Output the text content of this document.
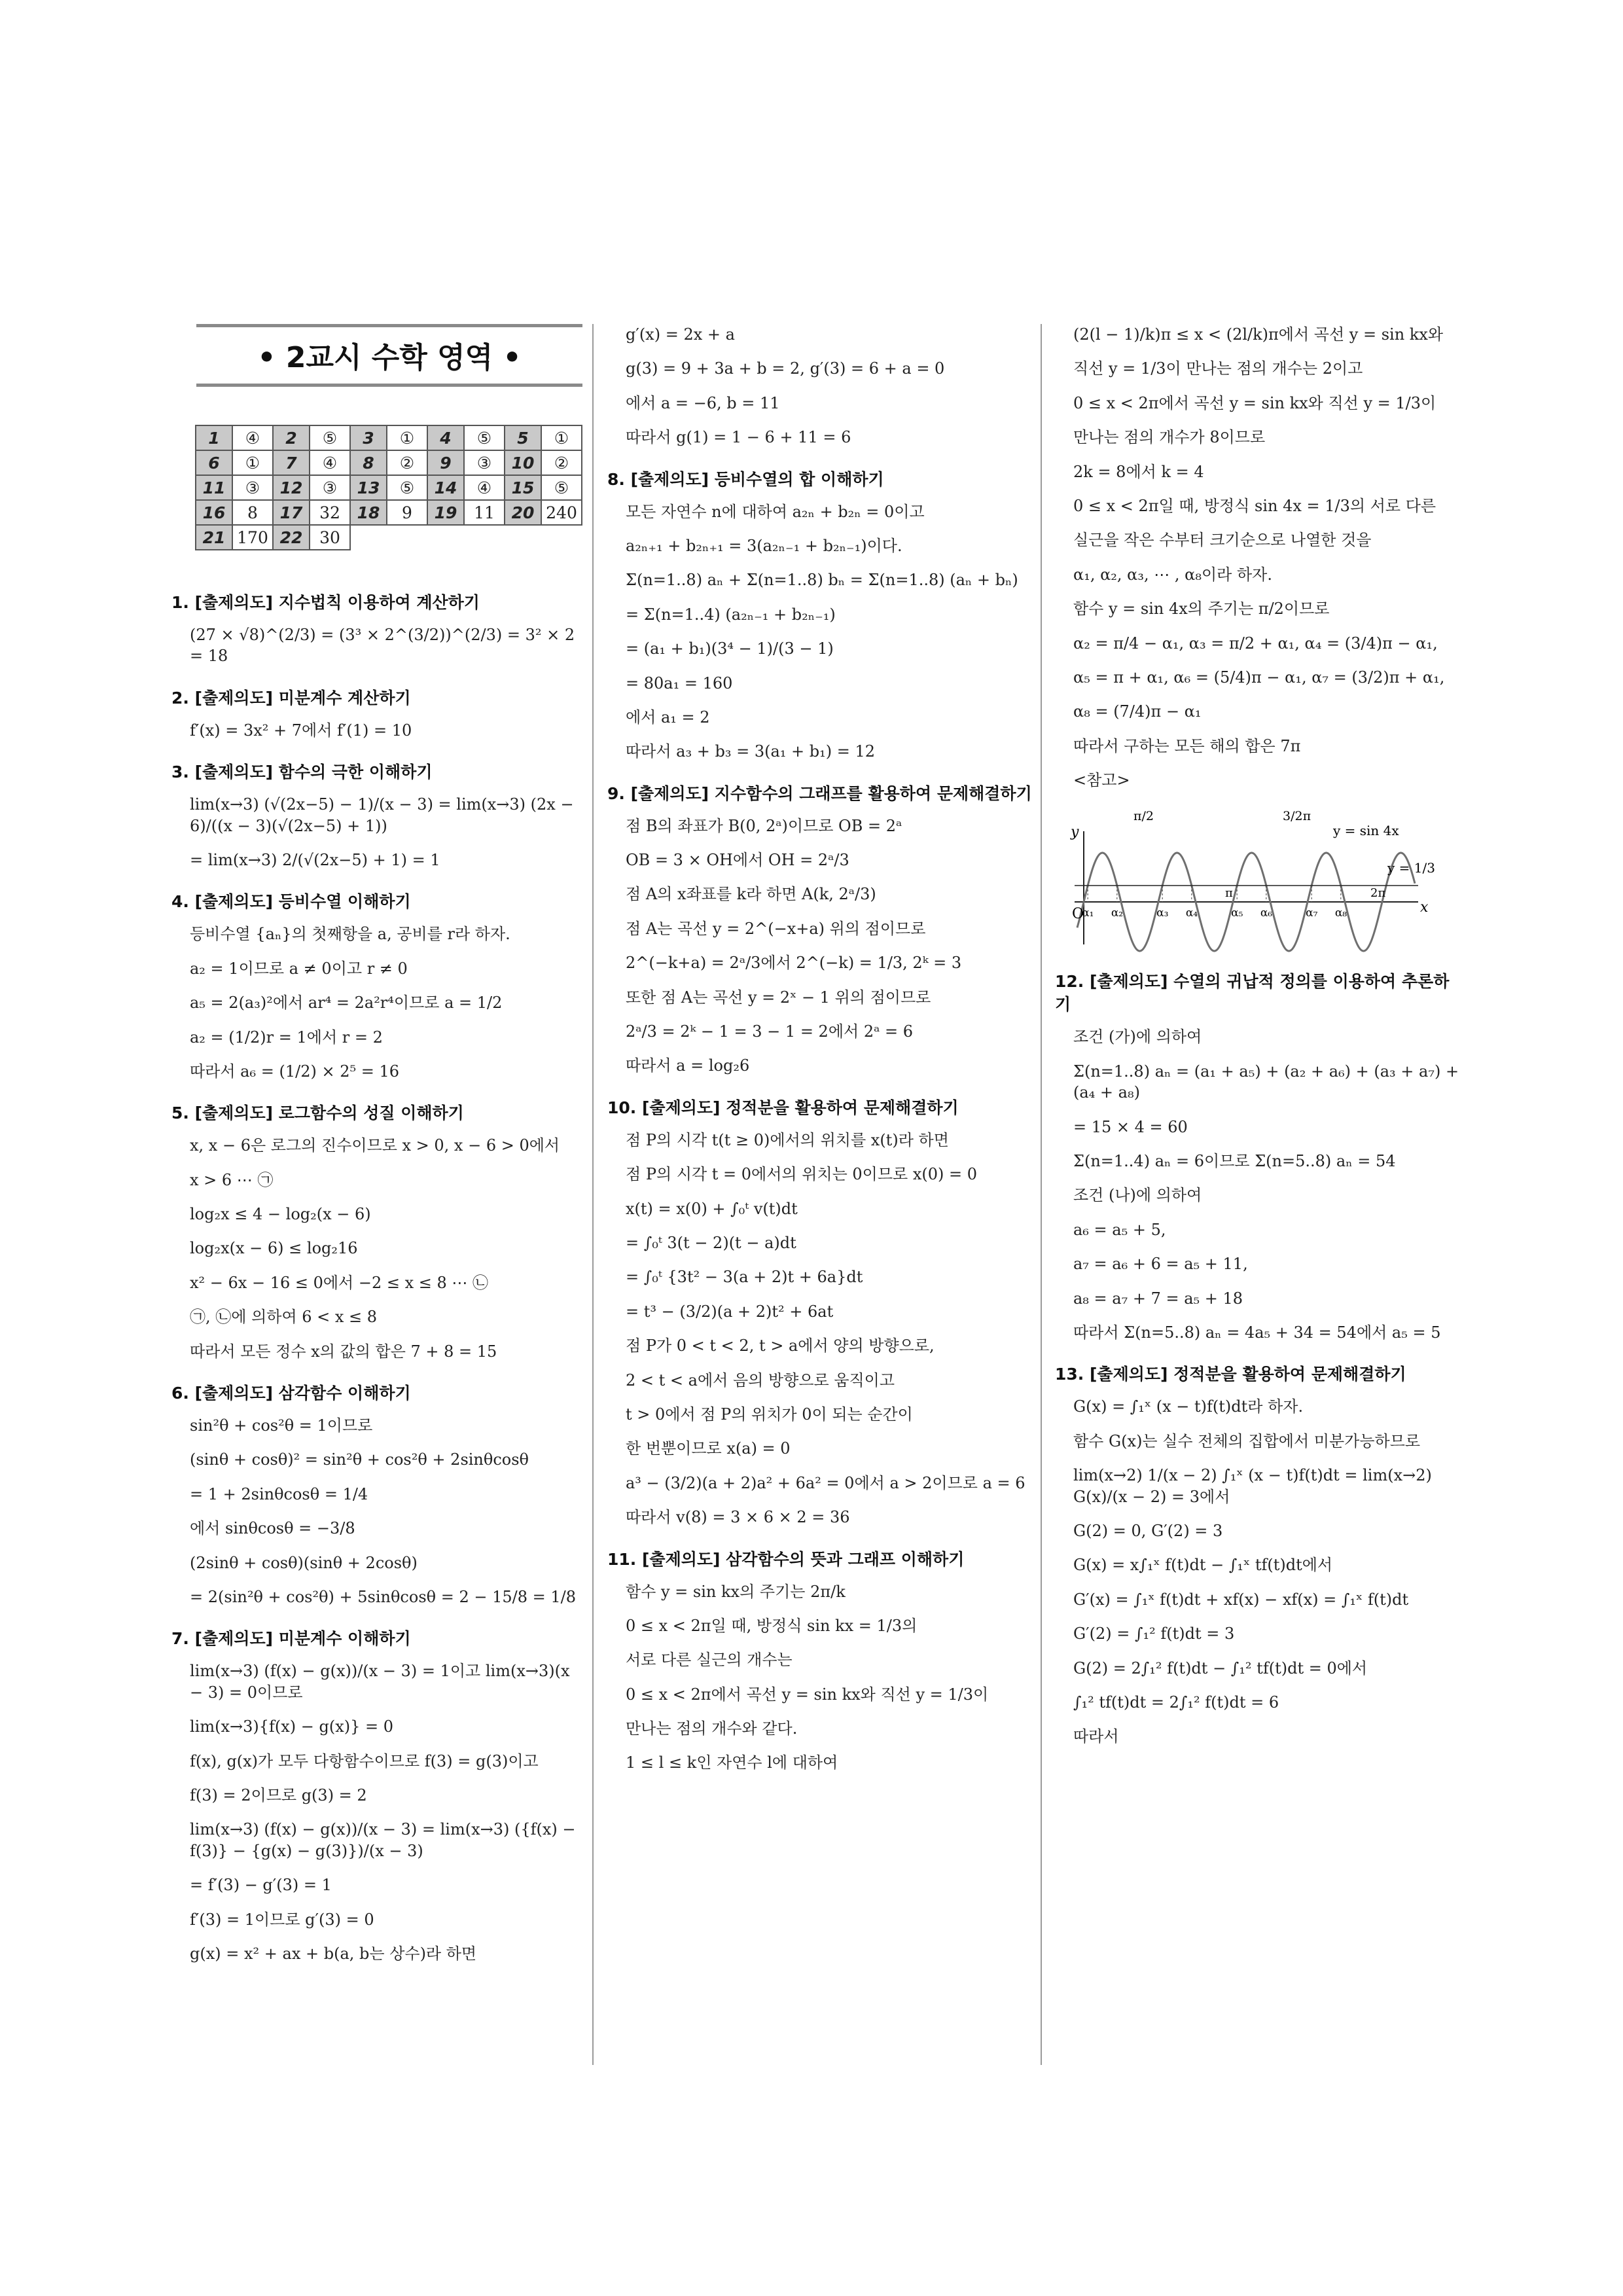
• 2교시 수학 영역 •
1	④	2	⑤	3	①	4	⑤	5	①
6	①	7	④	8	②	9	③	10	②
11	③	12	③	13	⑤	14	④	15	⑤
16	8	17	32	18	9	19	11	20	240
21	170	22	30						
1. [출제의도] 지수법칙 이용하여 계산하기
(27 × √8)^(2/3) = (3³ × 2^(3/2))^(2/3) = 3² × 2 = 18
2. [출제의도] 미분계수 계산하기
f′(x) = 3x² + 7에서 f′(1) = 10
3. [출제의도] 함수의 극한 이해하기
lim(x→3) (√(2x−5) − 1)/(x − 3) = lim(x→3) (2x − 6)/((x − 3)(√(2x−5) + 1))
= lim(x→3) 2/(√(2x−5) + 1) = 1
4. [출제의도] 등비수열 이해하기
등비수열 {aₙ}의 첫째항을 a, 공비를 r라 하자.
a₂ = 1이므로 a ≠ 0이고 r ≠ 0
a₅ = 2(a₃)²에서 ar⁴ = 2a²r⁴이므로 a = 1/2
a₂ = (1/2)r = 1에서 r = 2
따라서 a₆ = (1/2) × 2⁵ = 16
5. [출제의도] 로그함수의 성질 이해하기
x, x − 6은 로그의 진수이므로 x > 0, x − 6 > 0에서
x > 6 ⋯ ㉠
log₂x ≤ 4 − log₂(x − 6)
log₂x(x − 6) ≤ log₂16
x² − 6x − 16 ≤ 0에서 −2 ≤ x ≤ 8 ⋯ ㉡
㉠, ㉡에 의하여 6 < x ≤ 8
따라서 모든 정수 x의 값의 합은 7 + 8 = 15
6. [출제의도] 삼각함수 이해하기
sin²θ + cos²θ = 1이므로
(sinθ + cosθ)² = sin²θ + cos²θ + 2sinθcosθ
= 1 + 2sinθcosθ = 1/4
에서 sinθcosθ = −3/8
(2sinθ + cosθ)(sinθ + 2cosθ)
= 2(sin²θ + cos²θ) + 5sinθcosθ = 2 − 15/8 = 1/8
7. [출제의도] 미분계수 이해하기
lim(x→3) (f(x) − g(x))/(x − 3) = 1이고 lim(x→3)(x − 3) = 0이므로
lim(x→3){f(x) − g(x)} = 0
f(x), g(x)가 모두 다항함수이므로 f(3) = g(3)이고
f(3) = 2이므로 g(3) = 2
lim(x→3) (f(x) − g(x))/(x − 3) = lim(x→3) ({f(x) − f(3)} − {g(x) − g(3)})/(x − 3)
= f′(3) − g′(3) = 1
f′(3) = 1이므로 g′(3) = 0
g(x) = x² + ax + b(a, b는 상수)라 하면
g′(x) = 2x + a
g(3) = 9 + 3a + b = 2, g′(3) = 6 + a = 0
에서 a = −6, b = 11
따라서 g(1) = 1 − 6 + 11 = 6
8. [출제의도] 등비수열의 합 이해하기
모든 자연수 n에 대하여 a₂ₙ + b₂ₙ = 0이고
a₂ₙ₊₁ + b₂ₙ₊₁ = 3(a₂ₙ₋₁ + b₂ₙ₋₁)이다.
Σ(n=1..8) aₙ + Σ(n=1..8) bₙ = Σ(n=1..8) (aₙ + bₙ)
= Σ(n=1..4) (a₂ₙ₋₁ + b₂ₙ₋₁)
= (a₁ + b₁)(3⁴ − 1)/(3 − 1)
= 80a₁ = 160
에서 a₁ = 2
따라서 a₃ + b₃ = 3(a₁ + b₁) = 12
9. [출제의도] 지수함수의 그래프를 활용하여 문제해결하기
점 B의 좌표가 B(0, 2ᵃ)이므로 OB = 2ᵃ
OB = 3 × OH에서 OH = 2ᵃ/3
점 A의 x좌표를 k라 하면 A(k, 2ᵃ/3)
점 A는 곡선 y = 2^(−x+a) 위의 점이므로
2^(−k+a) = 2ᵃ/3에서 2^(−k) = 1/3, 2ᵏ = 3
또한 점 A는 곡선 y = 2ˣ − 1 위의 점이므로
2ᵃ/3 = 2ᵏ − 1 = 3 − 1 = 2에서 2ᵃ = 6
따라서 a = log₂6
10. [출제의도] 정적분을 활용하여 문제해결하기
점 P의 시각 t(t ≥ 0)에서의 위치를 x(t)라 하면
점 P의 시각 t = 0에서의 위치는 0이므로 x(0) = 0
x(t) = x(0) + ∫₀ᵗ v(t)dt
= ∫₀ᵗ 3(t − 2)(t − a)dt
= ∫₀ᵗ {3t² − 3(a + 2)t + 6a}dt
= t³ − (3/2)(a + 2)t² + 6at
점 P가 0 < t < 2, t > a에서 양의 방향으로,
2 < t < a에서 음의 방향으로 움직이고
t > 0에서 점 P의 위치가 0이 되는 순간이
한 번뿐이므로 x(a) = 0
a³ − (3/2)(a + 2)a² + 6a² = 0에서 a > 2이므로 a = 6
따라서 v(8) = 3 × 6 × 2 = 36
11. [출제의도] 삼각함수의 뜻과 그래프 이해하기
함수 y = sin kx의 주기는 2π/k
0 ≤ x < 2π일 때, 방정식 sin kx = 1/3의
서로 다른 실근의 개수는
0 ≤ x < 2π에서 곡선 y = sin kx와 직선 y = 1/3이
만나는 점의 개수와 같다.
1 ≤ l ≤ k인 자연수 l에 대하여
(2(l − 1)/k)π ≤ x < (2l/k)π에서 곡선 y = sin kx와
직선 y = 1/3이 만나는 점의 개수는 2이고
0 ≤ x < 2π에서 곡선 y = sin kx와 직선 y = 1/3이
만나는 점의 개수가 8이므로
2k = 8에서 k = 4
0 ≤ x < 2π일 때, 방정식 sin 4x = 1/3의 서로 다른
실근을 작은 수부터 크기순으로 나열한 것을
α₁, α₂, α₃, ⋯ , α₈이라 하자.
함수 y = sin 4x의 주기는 π/2이므로
α₂ = π/4 − α₁, α₃ = π/2 + α₁, α₄ = (3/4)π − α₁,
α₅ = π + α₁, α₆ = (5/4)π − α₁, α₇ = (3/2)π + α₁,
α₈ = (7/4)π − α₁
따라서 구하는 모든 해의 합은 7π
<참고>
α₁ α₂	α₃ α₄	α₅ α₆	α₇ α₈
y
x
O
y = sin 4x
y = 1/3
π/2	3/2π
π	2π
12. [출제의도] 수열의 귀납적 정의를 이용하여 추론하기
조건 (가)에 의하여
Σ(n=1..8) aₙ = (a₁ + a₅) + (a₂ + a₆) + (a₃ + a₇) + (a₄ + a₈)
= 15 × 4 = 60
Σ(n=1..4) aₙ = 6이므로 Σ(n=5..8) aₙ = 54
조건 (나)에 의하여
a₆ = a₅ + 5,
a₇ = a₆ + 6 = a₅ + 11,
a₈ = a₇ + 7 = a₅ + 18
따라서 Σ(n=5..8) aₙ = 4a₅ + 34 = 54에서 a₅ = 5
13. [출제의도] 정적분을 활용하여 문제해결하기
G(x) = ∫₁ˣ (x − t)f(t)dt라 하자.
함수 G(x)는 실수 전체의 집합에서 미분가능하므로
lim(x→2) 1/(x − 2) ∫₁ˣ (x − t)f(t)dt = lim(x→2) G(x)/(x − 2) = 3에서
G(2) = 0, G′(2) = 3
G(x) = x∫₁ˣ f(t)dt − ∫₁ˣ tf(t)dt에서
G′(x) = ∫₁ˣ f(t)dt + xf(x) − xf(x) = ∫₁ˣ f(t)dt
G′(2) = ∫₁² f(t)dt = 3
G(2) = 2∫₁² f(t)dt − ∫₁² tf(t)dt = 0에서
∫₁² tf(t)dt = 2∫₁² f(t)dt = 6
따라서
